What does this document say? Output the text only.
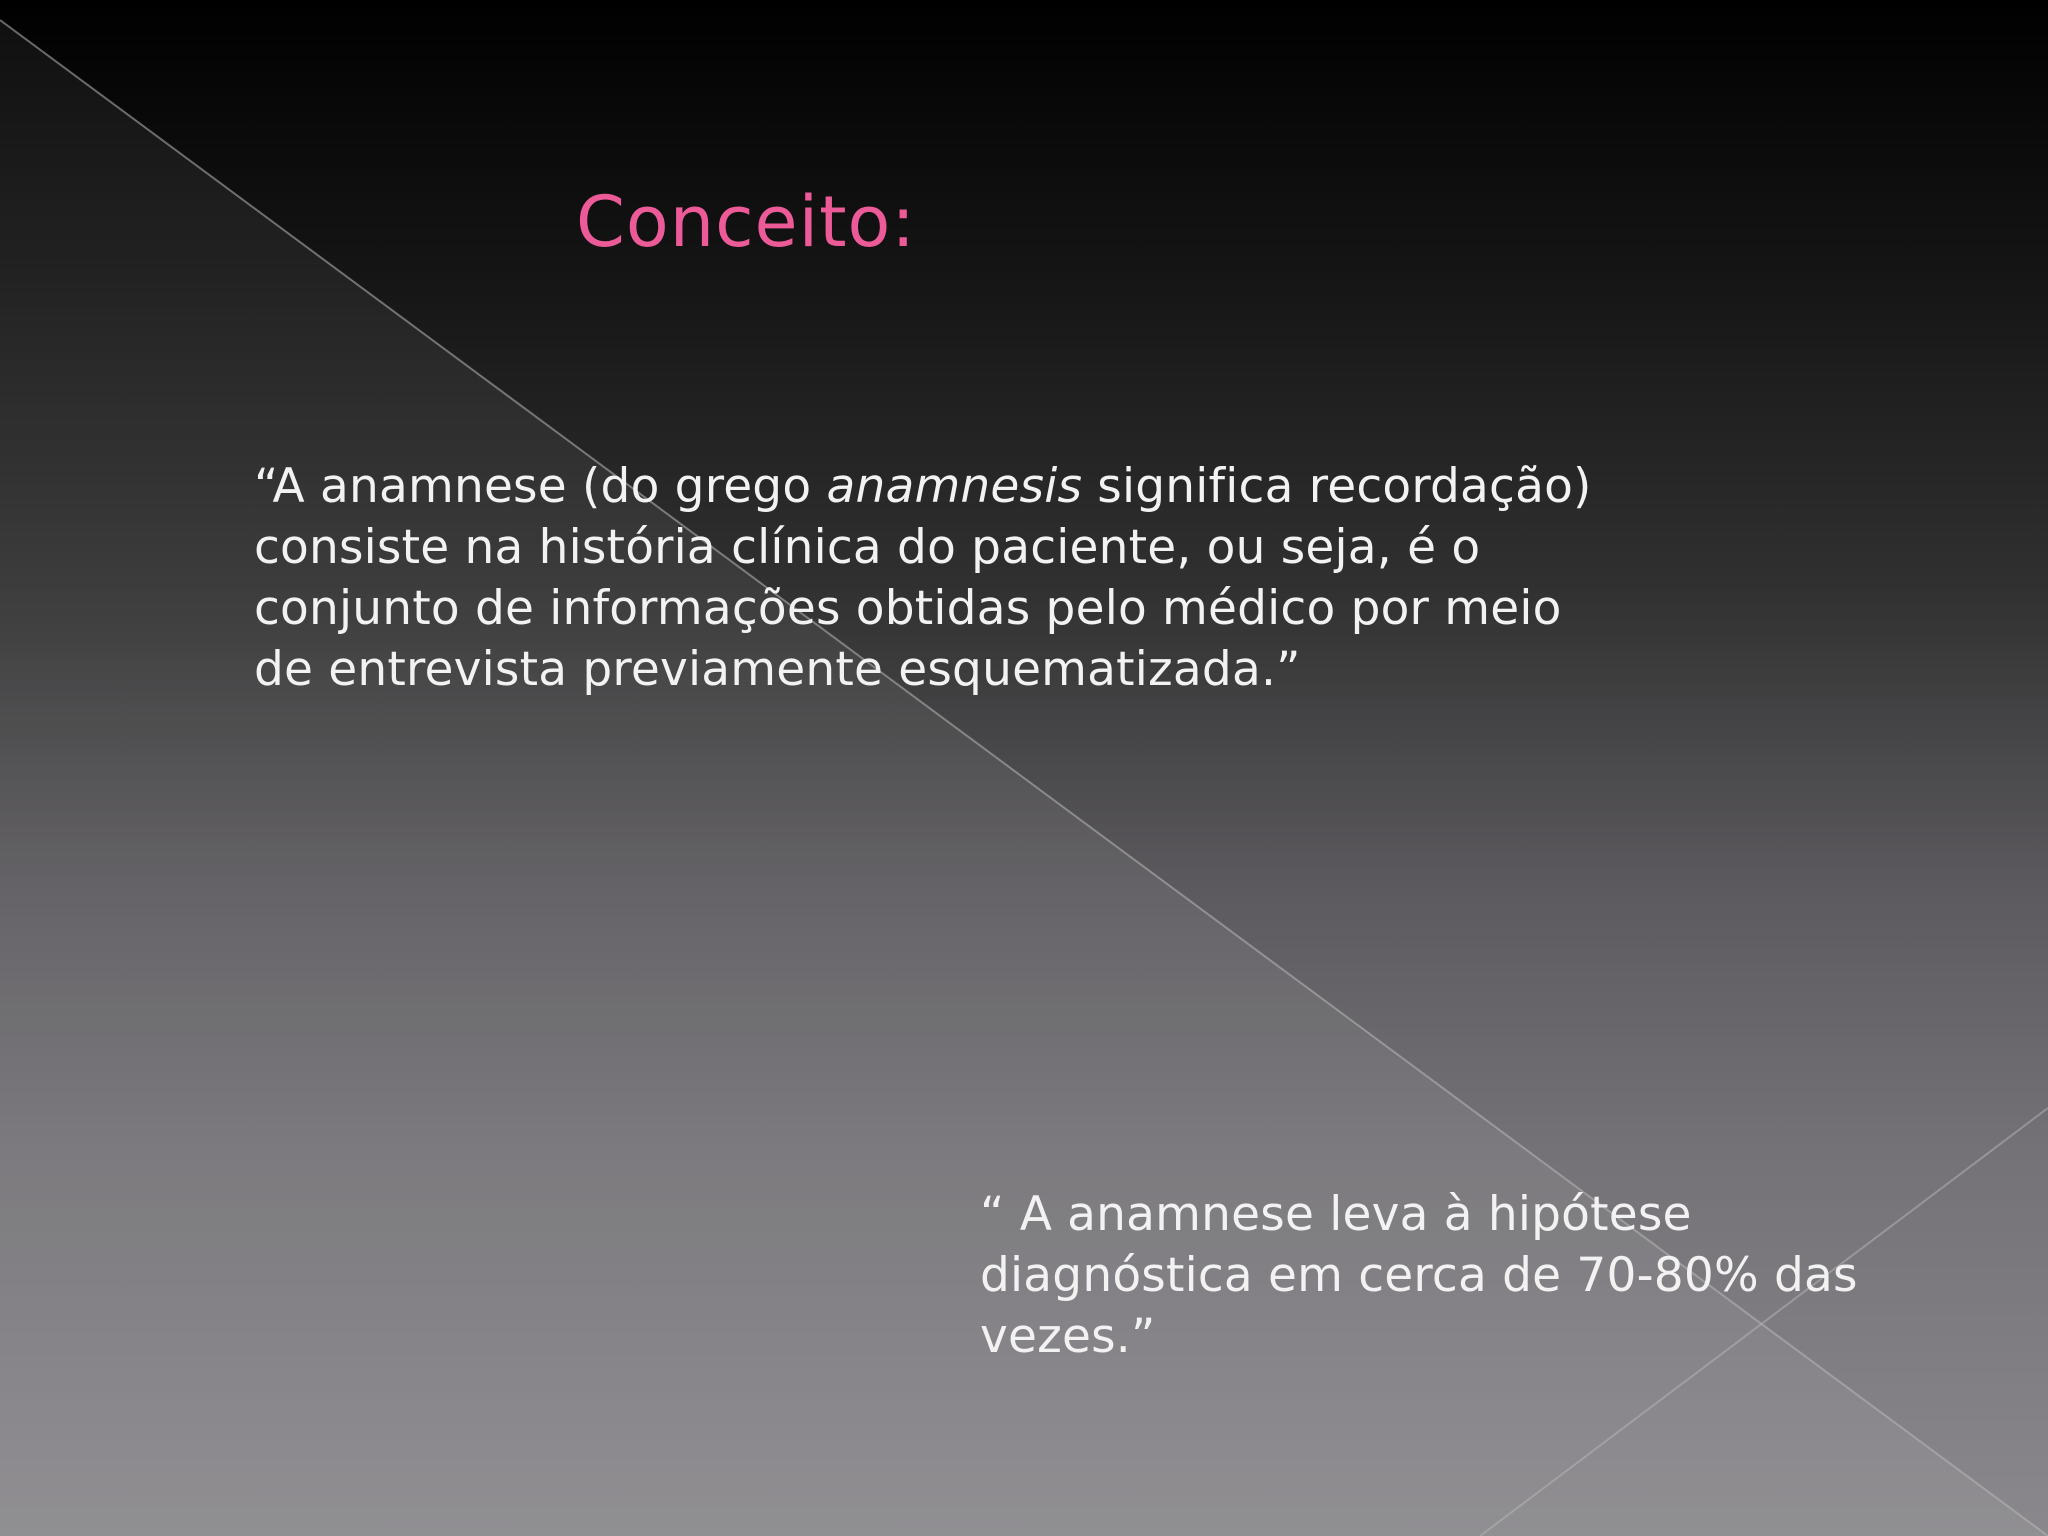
Conceito:

“A anamnese (do grego anamnesis significa recordação)
consiste na história clínica do paciente, ou seja, é o
conjunto de informações obtidas pelo médico por meio
de entrevista previamente esquematizada.”

“ A anamnese leva à hipótese
diagnóstica em cerca de 70-80% das
vezes.”
